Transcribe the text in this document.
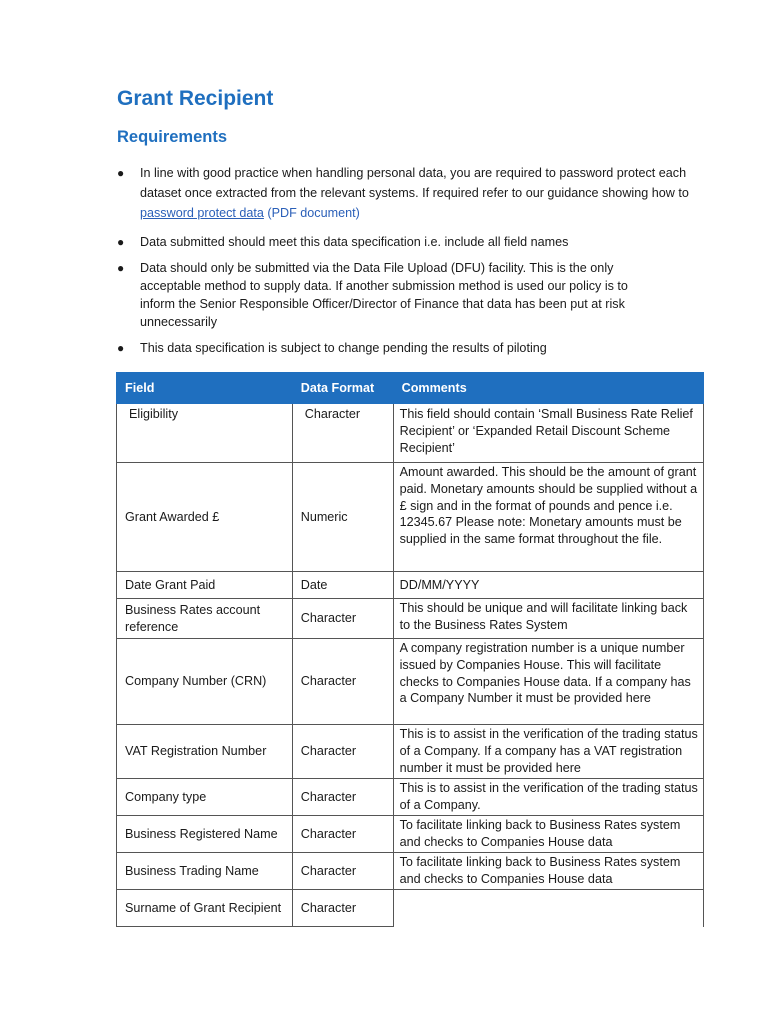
Grant Recipient
Requirements
● In line with good practice when handling personal data, you are required to password protect each dataset once extracted from the relevant systems. If required refer to our guidance showing how to password protect data (PDF document)
● Data submitted should meet this data specification i.e. include all field names
● Data should only be submitted via the Data File Upload (DFU) facility. This is the only acceptable method to supply data. If another submission method is used our policy is to inform the Senior Responsible Officer/Director of Finance that data has been put at risk unnecessarily
● This data specification is subject to change pending the results of piloting
Field	Data Format	Comments
Eligibility	Character	This field should contain ‘Small Business Rate Relief Recipient’ or ‘Expanded Retail Discount Scheme Recipient’
Grant Awarded £	Numeric	Amount awarded. This should be the amount of grant paid. Monetary amounts should be supplied without a £ sign and in the format of pounds and pence i.e. 12345.67 Please note: Monetary amounts must be supplied in the same format throughout the file.
Date Grant Paid	Date	DD/MM/YYYY
Business Rates account reference	Character	This should be unique and will facilitate linking back to the Business Rates System
Company Number (CRN)	Character	A company registration number is a unique number issued by Companies House. This will facilitate checks to Companies House data. If a company has a Company Number it must be provided here
VAT Registration Number	Character	This is to assist in the verification of the trading status of a Company. If a company has a VAT registration number it must be provided here
Company type	Character	This is to assist in the verification of the trading status of a Company.
Business Registered Name	Character	To facilitate linking back to Business Rates system and checks to Companies House data
Business Trading Name	Character	To facilitate linking back to Business Rates system and checks to Companies House data
Surname of Grant Recipient	Character	
